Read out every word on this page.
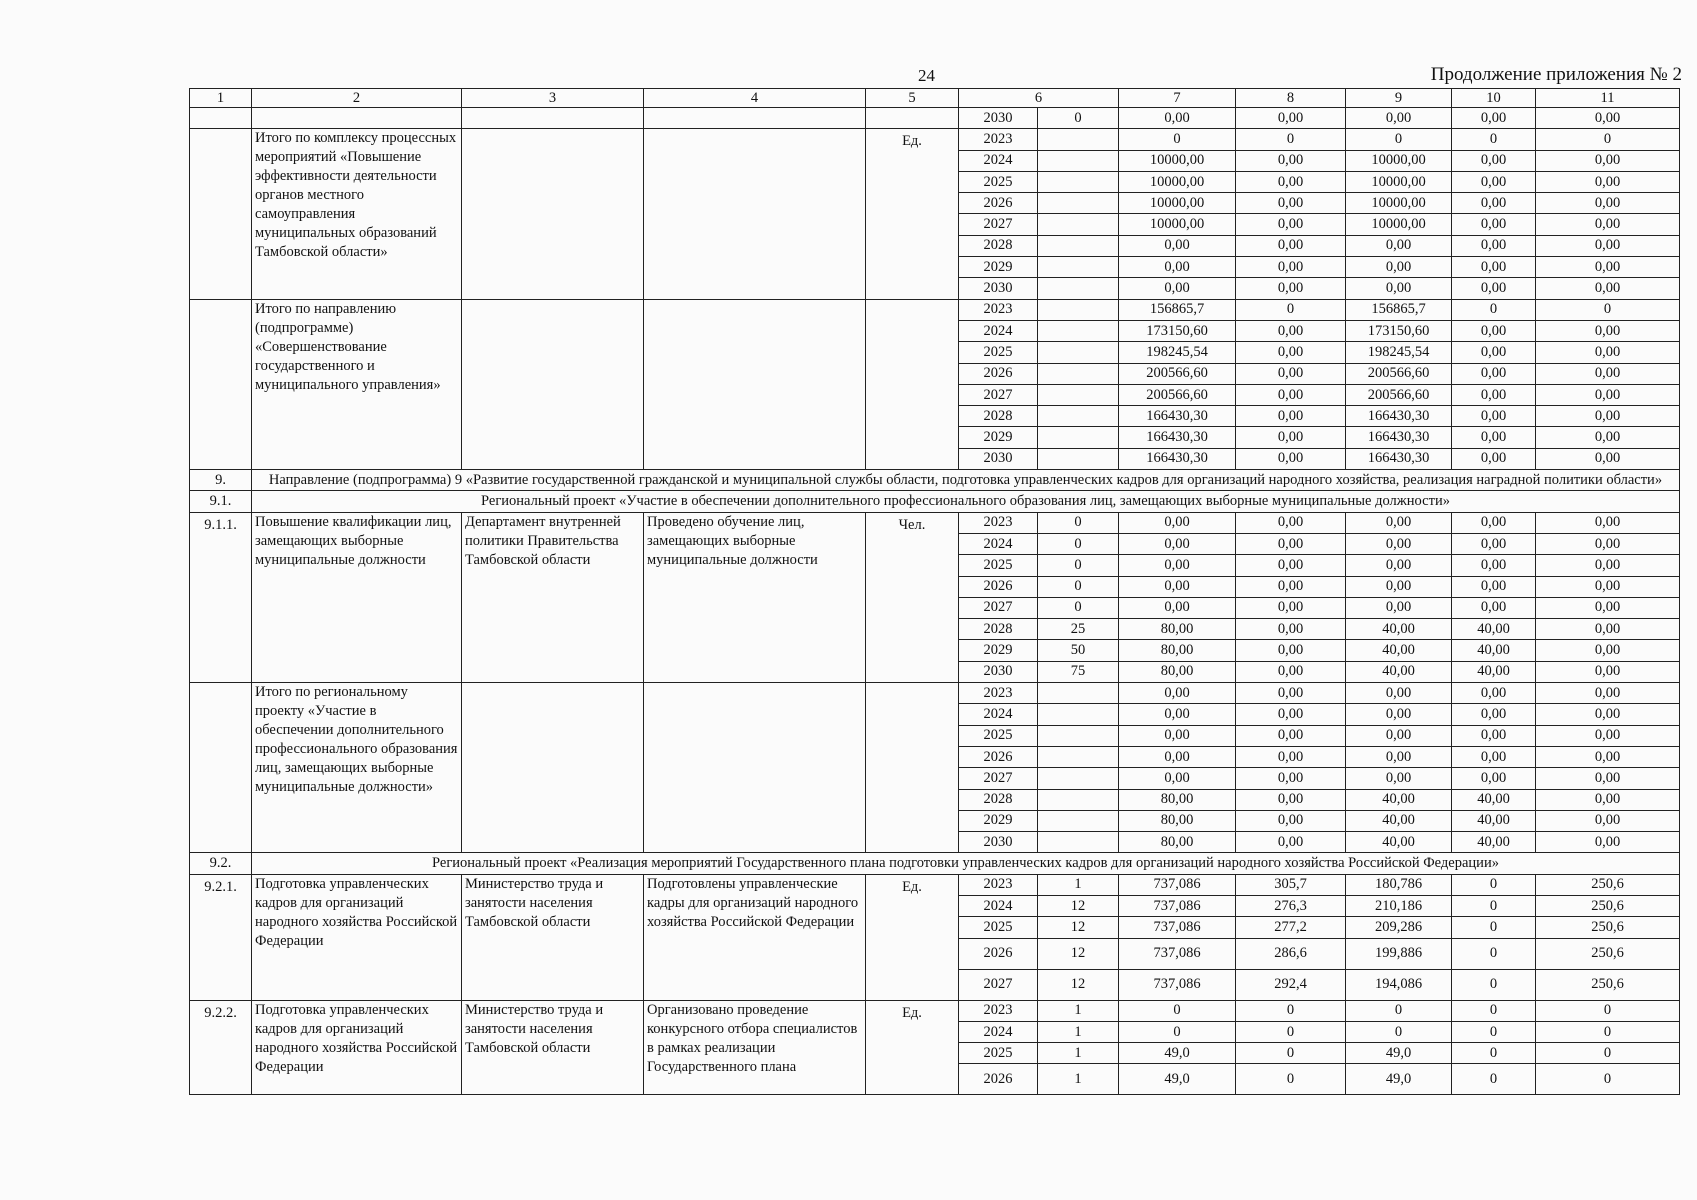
24	Продолжение приложения № 2
1	2	3	4	5	6		7	8	9	10	11
					2030	0	0,00	0,00	0,00	0,00	0,00
	Итого по комплексу процессных мероприятий «Повышение эффективности деятельности органов местного самоуправления муниципальных образований Тамбовской области»			Ед.	2023		0	0	0	0	0
					2024		10000,00	0,00	10000,00	0,00	0,00
					2025		10000,00	0,00	10000,00	0,00	0,00
					2026		10000,00	0,00	10000,00	0,00	0,00
					2027		10000,00	0,00	10000,00	0,00	0,00
					2028		0,00	0,00	0,00	0,00	0,00
					2029		0,00	0,00	0,00	0,00	0,00
					2030		0,00	0,00	0,00	0,00	0,00
	Итого по направлению (подпрограмме) «Совершенствование государственного и муниципального управления»				2023		156865,7	0	156865,7	0	0
					2024		173150,60	0,00	173150,60	0,00	0,00
					2025		198245,54	0,00	198245,54	0,00	0,00
					2026		200566,60	0,00	200566,60	0,00	0,00
					2027		200566,60	0,00	200566,60	0,00	0,00
					2028		166430,30	0,00	166430,30	0,00	0,00
					2029		166430,30	0,00	166430,30	0,00	0,00
					2030		166430,30	0,00	166430,30	0,00	0,00
9.	Направление (подпрограмма) 9 «Развитие государственной гражданской и муниципальной службы области, подготовка управленческих кадров для организаций народного хозяйства, реализация наградной политики области»										
9.1.	Региональный проект «Участие в обеспечении дополнительного профессионального образования лиц, замещающих выборные муниципальные должности»										
9.1.1.	Повышение квалификации лиц, замещающих выборные муниципальные должности	Департамент внутренней политики Правительства Тамбовской области	Проведено обучение лиц, замещающих выборные муниципальные должности	Чел.	2023	0	0,00	0,00	0,00	0,00	0,00
					2024	0	0,00	0,00	0,00	0,00	0,00
					2025	0	0,00	0,00	0,00	0,00	0,00
					2026	0	0,00	0,00	0,00	0,00	0,00
					2027	0	0,00	0,00	0,00	0,00	0,00
					2028	25	80,00	0,00	40,00	40,00	0,00
					2029	50	80,00	0,00	40,00	40,00	0,00
					2030	75	80,00	0,00	40,00	40,00	0,00
	Итого по региональному проекту «Участие в обеспечении дополнительного профессионального образования лиц, замещающих выборные муниципальные должности»				2023		0,00	0,00	0,00	0,00	0,00
					2024		0,00	0,00	0,00	0,00	0,00
					2025		0,00	0,00	0,00	0,00	0,00
					2026		0,00	0,00	0,00	0,00	0,00
					2027		0,00	0,00	0,00	0,00	0,00
					2028		80,00	0,00	40,00	40,00	0,00
					2029		80,00	0,00	40,00	40,00	0,00
					2030		80,00	0,00	40,00	40,00	0,00
9.2.	Региональный проект «Реализация мероприятий Государственного плана подготовки управленческих кадров для организаций народного хозяйства Российской Федерации»										
9.2.1.	Подготовка управленческих кадров для организаций народного хозяйства Российской Федерации	Министерство труда и занятости населения Тамбовской области	Подготовлены управленческие кадры для организаций народного хозяйства Российской Федерации	Ед.	2023	1	737,086	305,7	180,786	0	250,6
					2024	12	737,086	276,3	210,186	0	250,6
					2025	12	737,086	277,2	209,286	0	250,6
					2026	12	737,086	286,6	199,886	0	250,6
					2027	12	737,086	292,4	194,086	0	250,6
9.2.2.	Подготовка управленческих кадров для организаций народного хозяйства Российской Федерации	Министерство труда и занятости населения Тамбовской области	Организовано проведение конкурсного отбора специалистов в рамках реализации Государственного плана	Ед.	2023	1	0	0	0	0	0
					2024	1	0	0	0	0	0
					2025	1	49,0	0	49,0	0	0
					2026	1	49,0	0	49,0	0	0
